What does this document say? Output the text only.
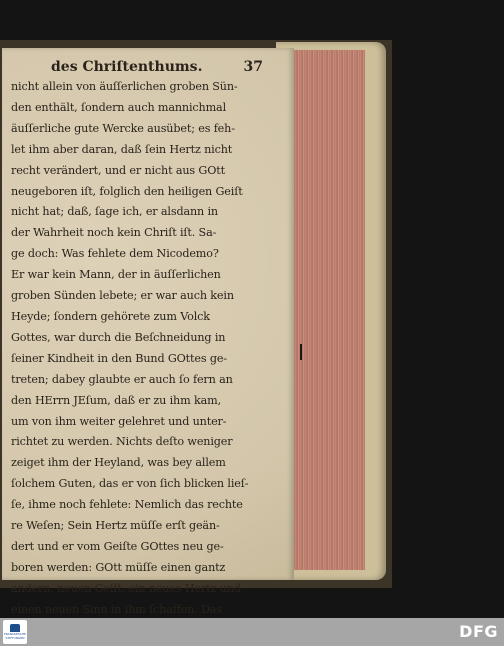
des Chriſtenthums.	37
nicht allein von äuſſerlichen groben Sün-
den enthält, ſondern auch mannichmal
äuſſerliche gute Wercke ausübet; es feh-
let ihm aber daran, daß ſein Hertz nicht
recht verändert, und er nicht aus GOtt
neugeboren iſt, folglich den heiligen Geiſt
nicht hat; daß, ſage ich, er alsdann in
der Wahrheit noch kein Chriſt iſt. Sa-
ge doch: Was fehlete dem Nicodemo?
Er war kein Mann, der in äuſſerlichen
groben Sünden lebete; er war auch kein
Heyde; ſondern gehörete zum Volck
Gottes, war durch die Beſchneidung in
ſeiner Kindheit in den Bund GOttes ge-
treten; dabey glaubte er auch ſo fern an
den HErrn JEſum, daß er zu ihm kam,
um von ihm weiter gelehret und unter-
richtet zu werden. Nichts deſto weniger
zeiget ihm der Heyland, was bey allem
ſolchem Guten, das er von ſich blicken lieſ-
ſe, ihme noch fehlete: Nemlich das rechte
re Weſen; Sein Hertz müſſe erſt geän-
dert und er vom Geiſte GOttes neu ge-
boren werden: GOtt müſſe einen gantz
andern, neuen Geiſt, ein neues Hertz und
einen neuen Sinn in ihm ſchaffen. Das
FRANCKESCHE STIFTUNGEN	DFG
